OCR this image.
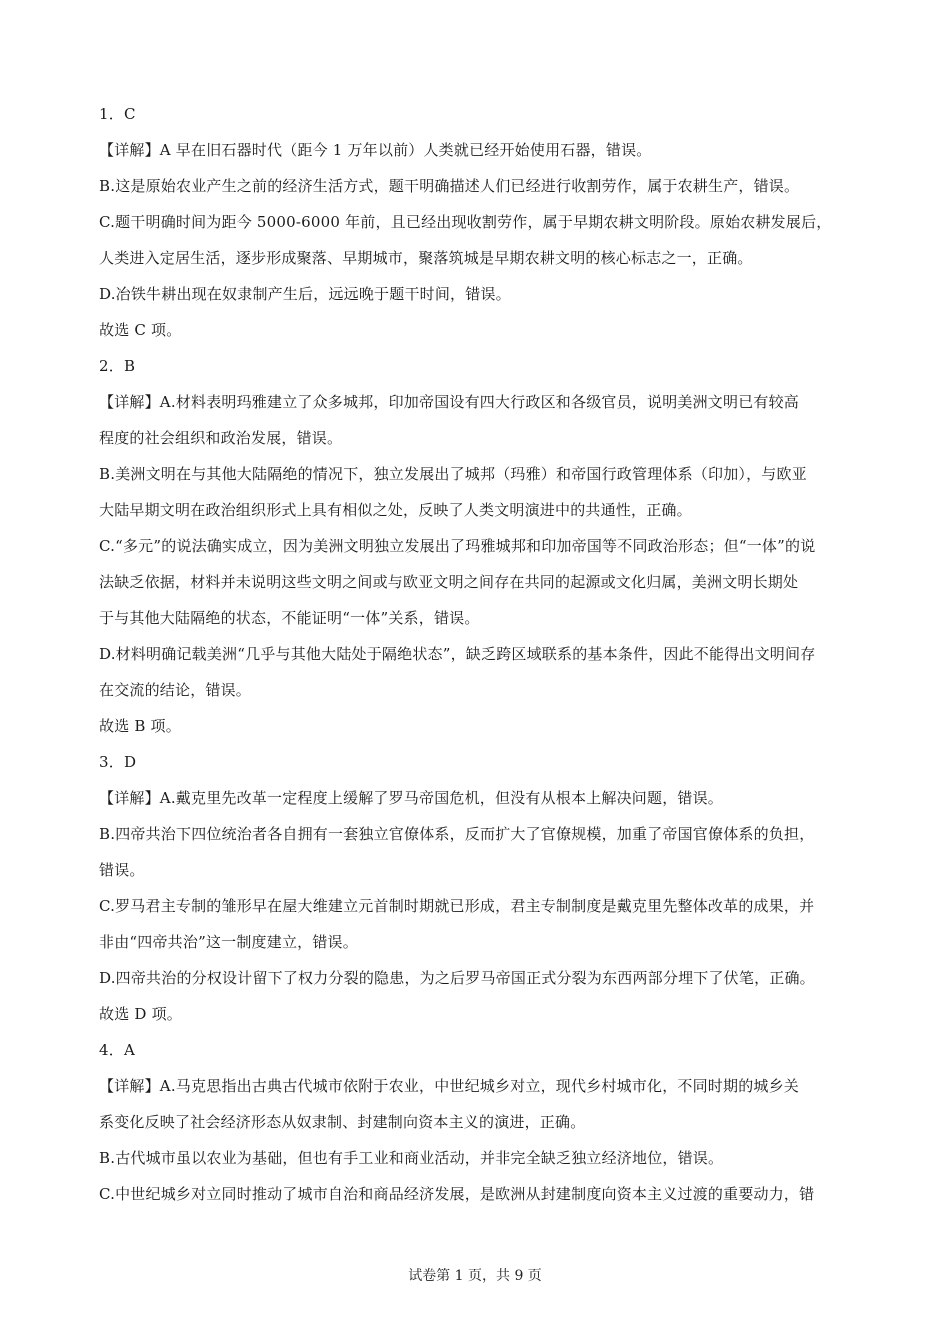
1．C
【详解】A 早在旧石器时代（距今 1 万年以前）人类就已经开始使用石器，错误。
B.这是原始农业产生之前的经济生活方式，题干明确描述人们已经进行收割劳作，属于农耕生产，错误。
C.题干明确时间为距今 5000-6000 年前，且已经出现收割劳作，属于早期农耕文明阶段。原始农耕发展后，
人类进入定居生活，逐步形成聚落、早期城市，聚落筑城是早期农耕文明的核心标志之一，正确。
D.冶铁牛耕出现在奴隶制产生后，远远晚于题干时间，错误。
故选 C 项。
2．B
【详解】A.材料表明玛雅建立了众多城邦，印加帝国设有四大行政区和各级官员，说明美洲文明已有较高
程度的社会组织和政治发展，错误。
B.美洲文明在与其他大陆隔绝的情况下，独立发展出了城邦（玛雅）和帝国行政管理体系（印加），与欧亚
大陆早期文明在政治组织形式上具有相似之处，反映了人类文明演进中的共通性，正确。
C.“多元”的说法确实成立，因为美洲文明独立发展出了玛雅城邦和印加帝国等不同政治形态；但“一体”的说
法缺乏依据，材料并未说明这些文明之间或与欧亚文明之间存在共同的起源或文化归属，美洲文明长期处
于与其他大陆隔绝的状态，不能证明“一体”关系，错误。
D.材料明确记载美洲“几乎与其他大陆处于隔绝状态”，缺乏跨区域联系的基本条件，因此不能得出文明间存
在交流的结论，错误。
故选 B 项。
3．D
【详解】A.戴克里先改革一定程度上缓解了罗马帝国危机，但没有从根本上解决问题，错误。
B.四帝共治下四位统治者各自拥有一套独立官僚体系，反而扩大了官僚规模，加重了帝国官僚体系的负担，
错误。
C.罗马君主专制的雏形早在屋大维建立元首制时期就已形成，君主专制制度是戴克里先整体改革的成果，并
非由“四帝共治”这一制度建立，错误。
D.四帝共治的分权设计留下了权力分裂的隐患，为之后罗马帝国正式分裂为东西两部分埋下了伏笔，正确。
故选 D 项。
4．A
【详解】A.马克思指出古典古代城市依附于农业，中世纪城乡对立，现代乡村城市化，不同时期的城乡关
系变化反映了社会经济形态从奴隶制、封建制向资本主义的演进，正确。
B.古代城市虽以农业为基础，但也有手工业和商业活动，并非完全缺乏独立经济地位，错误。
C.中世纪城乡对立同时推动了城市自治和商品经济发展，是欧洲从封建制度向资本主义过渡的重要动力，错
试卷第 1 页，共 9 页
